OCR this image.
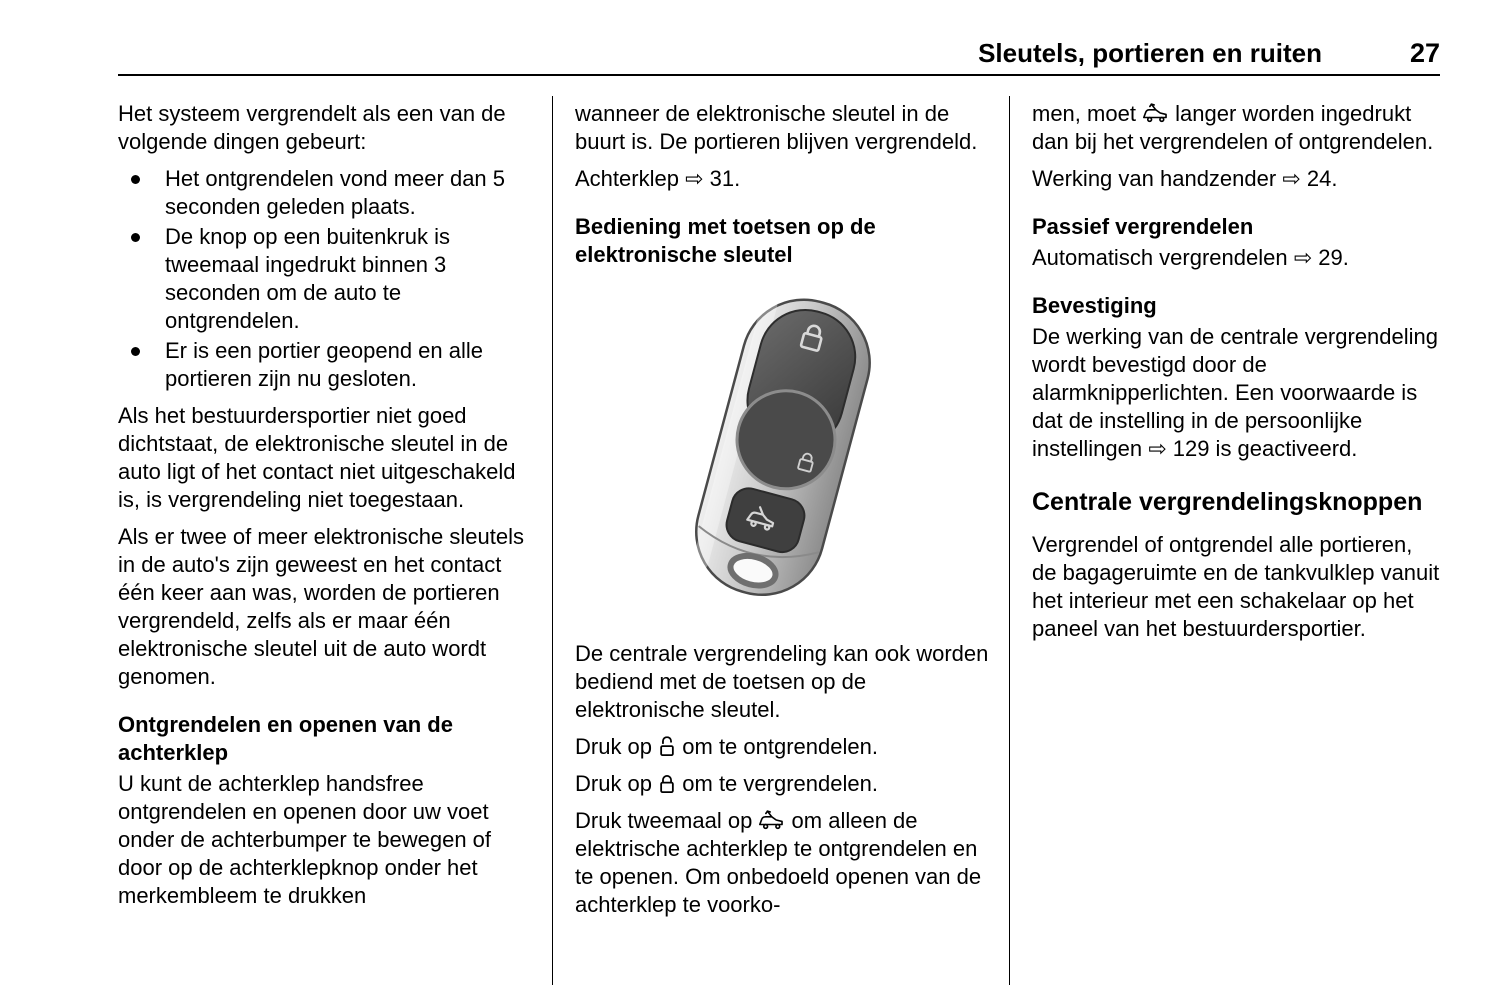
Sleutels, portieren en ruiten	27

Het systeem vergrendelt als een van de volgende dingen gebeurt:

Het ontgrendelen vond meer dan 5 seconden geleden plaats.
De knop op een buitenkruk is tweemaal ingedrukt binnen 3 seconden om de auto te ontgrendelen.
Er is een portier geopend en alle portieren zijn nu gesloten.

Als het bestuurdersportier niet goed dichtstaat, de elektronische sleutel in de auto ligt of het contact niet uitgeschakeld is, is vergrendeling niet toegestaan.

Als er twee of meer elektronische sleutels in de auto's zijn geweest en het contact één keer aan was, worden de portieren vergrendeld, zelfs als er maar één elektronische sleutel uit de auto wordt genomen.

Ontgrendelen en openen van de achterklep

U kunt de achterklep handsfree ontgrendelen en openen door uw voet onder de achterbumper te bewegen of door op de achterklepknop onder het merkembleem te drukken

wanneer de elektronische sleutel in de buurt is. De portieren blijven vergrendeld.

Achterklep ⇨ 31.

Bediening met toetsen op de elektronische sleutel

De centrale vergrendeling kan ook worden bediend met de toetsen op de elektronische sleutel.

Druk op  om te ontgrendelen.

Druk op  om te vergrendelen.

Druk tweemaal op  om alleen de elektrische achterklep te ontgrendelen en te openen. Om onbedoeld openen van de achterklep te voorko-

men, moet  langer worden ingedrukt dan bij het vergrendelen of ontgrendelen.

Werking van handzender ⇨ 24.

Passief vergrendelen

Automatisch vergrendelen ⇨ 29.

Bevestiging

De werking van de centrale vergrendeling wordt bevestigd door de alarmknipperlichten. Een voorwaarde is dat de instelling in de persoonlijke instellingen ⇨ 129 is geactiveerd.

Centrale vergrendelingsknoppen

Vergrendel of ontgrendel alle portieren, de bagageruimte en de tankvulklep vanuit het interieur met een schakelaar op het paneel van het bestuurdersportier.
